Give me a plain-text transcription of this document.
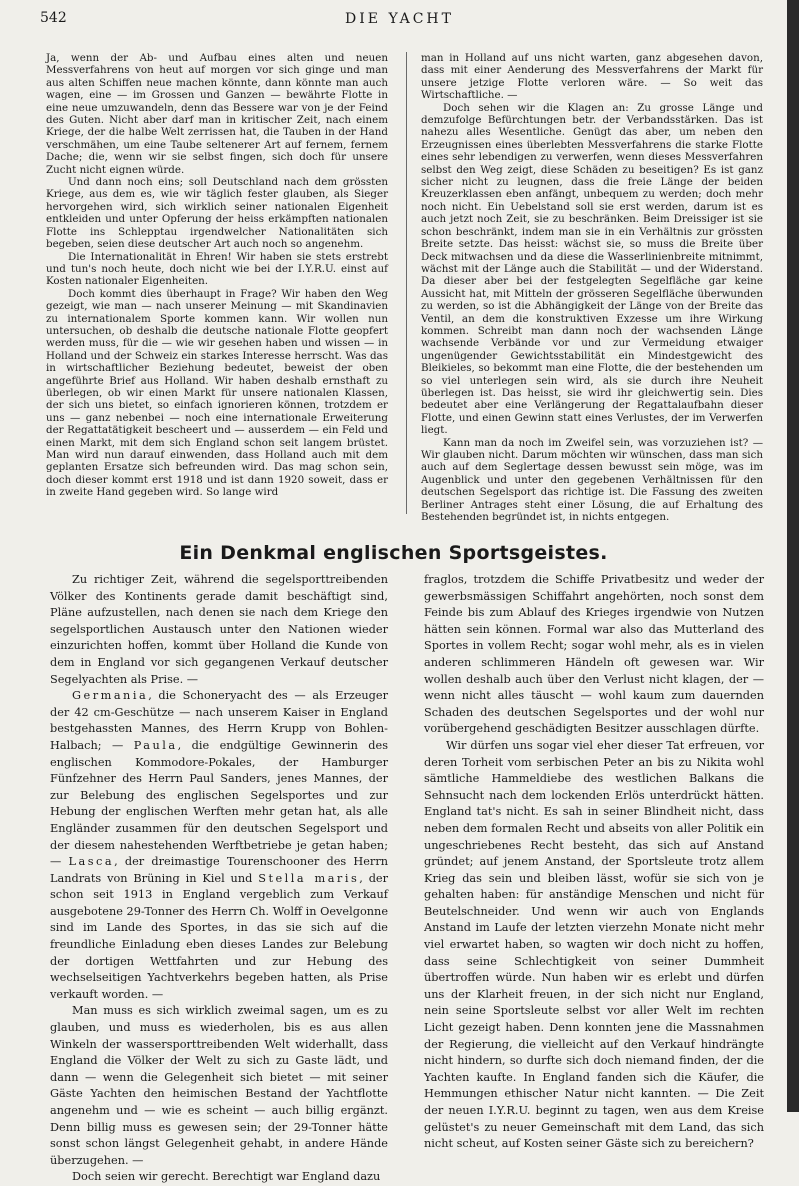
542	DIE YACHT

Ja, wenn der Ab- und Aufbau eines alten und neuen Messverfahrens von heut auf morgen vor sich ginge und man aus alten Schiffen neue machen könnte, dann könnte man auch wagen, eine — im Grossen und Ganzen — bewährte Flotte in eine neue umzuwandeln, denn das Bessere war von je der Feind des Guten. Nicht aber darf man in kritischer Zeit, nach einem Kriege, der die halbe Welt zerrissen hat, die Tauben in der Hand verschmähen, um eine Taube seltenerer Art auf fernem, fernem Dache; die, wenn wir sie selbst fingen, sich doch für unsere Zucht nicht eignen würde.

Und dann noch eins; soll Deutschland nach dem grössten Kriege, aus dem es, wie wir täglich fester glauben, als Sieger hervorgehen wird, sich wirklich seiner nationalen Eigenheit entkleiden und unter Opferung der heiss erkämpften nationalen Flotte ins Schlepptau irgendwelcher Nationalitäten sich begeben, seien diese deutscher Art auch noch so angenehm.

Die Internationalität in Ehren! Wir haben sie stets erstrebt und tun's noch heute, doch nicht wie bei der I.Y.R.U. einst auf Kosten nationaler Eigenheiten.

Doch kommt dies überhaupt in Frage? Wir haben den Weg gezeigt, wie man — nach unserer Meinung — mit Skandinavien zu internationalem Sporte kommen kann. Wir wollen nun untersuchen, ob deshalb die deutsche nationale Flotte geopfert werden muss, für die — wie wir gesehen haben und wissen — in Holland und der Schweiz ein starkes Interesse herrscht. Was das in wirtschaftlicher Beziehung bedeutet, beweist der oben angeführte Brief aus Holland. Wir haben deshalb ernsthaft zu überlegen, ob wir einen Markt für unsere nationalen Klassen, der sich uns bietet, so einfach ignorieren können, trotzdem er uns — ganz nebenbei — noch eine internationale Erweiterung der Regattatätigkeit bescheert und — ausserdem — ein Feld und einen Markt, mit dem sich England schon seit langem brüstet. Man wird nun darauf einwenden, dass Holland auch mit dem geplanten Ersatze sich befreunden wird. Das mag schon sein, doch dieser kommt erst 1918 und ist dann 1920 soweit, dass er in zweite Hand gegeben wird. So lange wird

man in Holland auf uns nicht warten, ganz abgesehen davon, dass mit einer Aenderung des Messverfahrens der Markt für unsere jetzige Flotte verloren wäre. — So weit das Wirtschaftliche. —

Doch sehen wir die Klagen an: Zu grosse Länge und demzufolge Befürchtungen betr. der Verbandsstärken. Das ist nahezu alles Wesentliche. Genügt das aber, um neben den Erzeugnissen eines überlebten Messverfahrens die starke Flotte eines sehr lebendigen zu verwerfen, wenn dieses Messverfahren selbst den Weg zeigt, diese Schäden zu beseitigen? Es ist ganz sicher nicht zu leugnen, dass die freie Länge der beiden Kreuzerklassen eben anfängt, unbequem zu werden; doch mehr noch nicht. Ein Uebelstand soll sie erst werden, darum ist es auch jetzt noch Zeit, sie zu beschränken. Beim Dreissiger ist sie schon beschränkt, indem man sie in ein Verhältnis zur grössten Breite setzte. Das heisst: wächst sie, so muss die Breite über Deck mitwachsen und da diese die Wasserlinienbreite mitnimmt, wächst mit der Länge auch die Stabilität — und der Widerstand. Da dieser aber bei der festgelegten Segelfläche gar keine Aussicht hat, mit Mitteln der grösseren Segelfläche überwunden zu werden, so ist die Abhängigkeit der Länge von der Breite das Ventil, an dem die konstruktiven Exzesse um ihre Wirkung kommen. Schreibt man dann noch der wachsenden Länge wachsende Verbände vor und zur Vermeidung etwaiger ungenügender Gewichtsstabilität ein Mindestgewicht des Bleikieles, so bekommt man eine Flotte, die der bestehenden um so viel unterlegen sein wird, als sie durch ihre Neuheit überlegen ist. Das heisst, sie wird ihr gleichwertig sein. Dies bedeutet aber eine Verlängerung der Regattalaufbahn dieser Flotte, und einen Gewinn statt eines Verlustes, der im Verwerfen liegt.

Kann man da noch im Zweifel sein, was vorzuziehen ist? — Wir glauben nicht. Darum möchten wir wünschen, dass man sich auch auf dem Seglertage dessen bewusst sein möge, was im Augenblick und unter den gegebenen Verhältnissen für den deutschen Segelsport das richtige ist. Die Fassung des zweiten Berliner Antrages steht einer Lösung, die auf Erhaltung des Bestehenden begründet ist, in nichts entgegen.

Ein Denkmal englischen Sportsgeistes.

Zu richtiger Zeit, während die segelsporttreibenden Völker des Kontinents gerade damit beschäftigt sind, Pläne aufzustellen, nach denen sie nach dem Kriege den segelsportlichen Austausch unter den Nationen wieder einzurichten hoffen, kommt über Holland die Kunde von dem in England vor sich gegangenen Verkauf deutscher Segelyachten als Prise. —

Germania, die Schoneryacht des — als Erzeuger der 42 cm-Geschütze — nach unserem Kaiser in England bestgehassten Mannes, des Herrn Krupp von Bohlen-Halbach; — Paula, die endgültige Gewinnerin des englischen Kommodore-Pokales, der Hamburger Fünfzehner des Herrn Paul Sanders, jenes Mannes, der zur Belebung des englischen Segelsportes und zur Hebung der englischen Werften mehr getan hat, als alle Engländer zusammen für den deutschen Segelsport und der diesem nahestehenden Werftbetriebe je getan haben; — Lasca, der dreimastige Tourenschooner des Herrn Landrats von Brüning in Kiel und Stella maris, der schon seit 1913 in England vergeblich zum Verkauf ausgebotene 29-Tonner des Herrn Ch. Wolff in Oevelgonne sind im Lande des Sportes, in das sie sich auf die freundliche Einladung eben dieses Landes zur Belebung der dortigen Wettfahrten und zur Hebung des wechselseitigen Yachtverkehrs begeben hatten, als Prise verkauft worden. —

Man muss es sich wirklich zweimal sagen, um es zu glauben, und muss es wiederholen, bis es aus allen Winkeln der wassersporttreibenden Welt widerhallt, dass England die Völker der Welt zu sich zu Gaste lädt, und dann — wenn die Gelegenheit sich bietet — mit seiner Gäste Yachten den heimischen Bestand der Yachtflotte angenehm und — wie es scheint — auch billig ergänzt. Denn billig muss es gewesen sein; der 29-Tonner hätte sonst schon längst Gelegenheit gehabt, in andere Hände überzugehen. —

Doch seien wir gerecht. Berechtigt war England dazu

fraglos, trotzdem die Schiffe Privatbesitz und weder der gewerbsmässigen Schiffahrt angehörten, noch sonst dem Feinde bis zum Ablauf des Krieges irgendwie von Nutzen hätten sein können. Formal war also das Mutterland des Sportes in vollem Recht; sogar wohl mehr, als es in vielen anderen schlimmeren Händeln oft gewesen war. Wir wollen deshalb auch über den Verlust nicht klagen, der — wenn nicht alles täuscht — wohl kaum zum dauernden Schaden des deutschen Segelsportes und der wohl nur vorübergehend geschädigten Besitzer ausschlagen dürfte.

Wir dürfen uns sogar viel eher dieser Tat erfreuen, vor deren Torheit vom serbischen Peter an bis zu Nikita wohl sämtliche Hammeldiebe des westlichen Balkans die Sehnsucht nach dem lockenden Erlös unterdrückt hätten. England tat's nicht. Es sah in seiner Blindheit nicht, dass neben dem formalen Recht und abseits von aller Politik ein ungeschriebenes Recht besteht, das sich auf Anstand gründet; auf jenem Anstand, der Sportsleute trotz allem Krieg das sein und bleiben lässt, wofür sie sich von je gehalten haben: für anständige Menschen und nicht für Beutelschneider. Und wenn wir auch von Englands Anstand im Laufe der letzten vierzehn Monate nicht mehr viel erwartet haben, so wagten wir doch nicht zu hoffen, dass seine Schlechtigkeit von seiner Dummheit übertroffen würde. Nun haben wir es erlebt und dürfen uns der Klarheit freuen, in der sich nicht nur England, nein seine Sportsleute selbst vor aller Welt im rechten Licht gezeigt haben. Denn konnten jene die Massnahmen der Regierung, die vielleicht auf den Verkauf hindrängte nicht hindern, so durfte sich doch niemand finden, der die Yachten kaufte. In England fanden sich die Käufer, die Hemmungen ethischer Natur nicht kannten. — Die Zeit der neuen I.Y.R.U. beginnt zu tagen, wen aus dem Kreise gelüstet's zu neuer Gemeinschaft mit dem Land, das sich nicht scheut, auf Kosten seiner Gäste sich zu bereichern?
